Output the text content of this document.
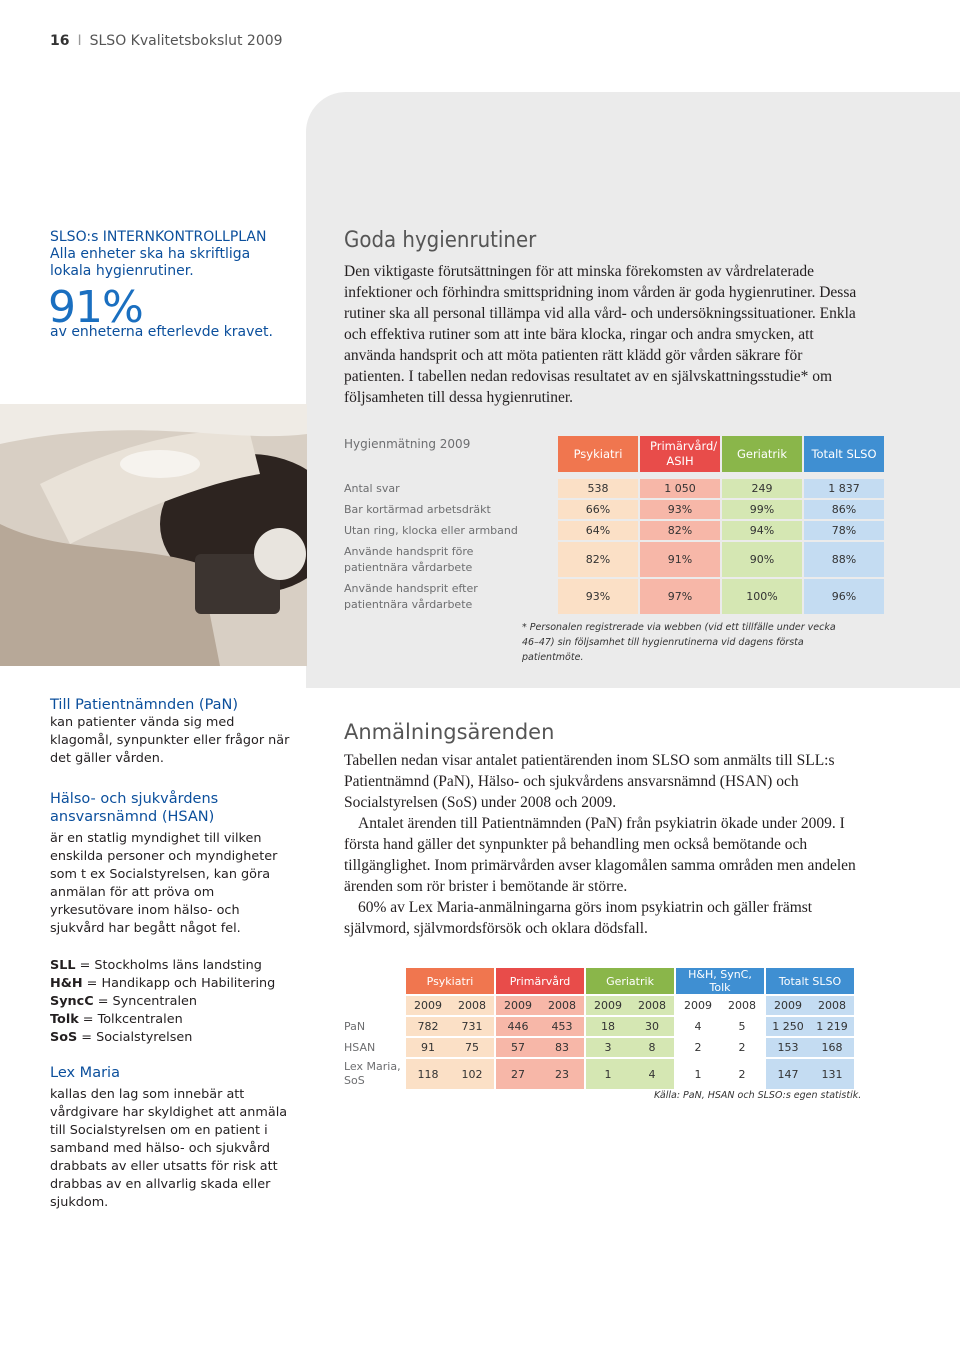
16 I SLSO Kvalitetsbokslut 2009
SLSO:s INTERNKONTROLLPLAN
Alla enheter ska ha skriftliga
lokala hygienrutiner.
91%
av enheterna efterlevde kravet.
Goda hygienrutiner
Den viktigaste förutsättningen för att minska förekomsten av vårdrelaterade infektioner och förhindra smittspridning inom vården är goda hygienrutiner. Dessa rutiner ska all personal tillämpa vid alla vård- och undersökningssituationer. Enkla och effektiva rutiner som att inte bära klocka, ringar och andra smycken, att använda handsprit och att möta patienten rätt klädd gör vården säkrare för patienten. I tabellen nedan redovisas resultatet av en självskattningsstudie* om följsamheten till dessa hygienrutiner.
Hygienmätning 2009	Psykiatri	Primärvård/ ASIH	Geriatrik	Totalt SLSO

Antal svar	538	1 050	249	1 837

Bar kortärmad arbetsdräkt	66%	93%	99%	86%

Utan ring, klocka eller armband	64%	82%	94%	78%

Använde handsprit före patientnära vårdarbete	82%	91%	90%	88%

Använde handsprit efter patientnära vårdarbete	93%	97%	100%	96%
* Personalen registrerade via webben (vid ett tillfälle under vecka 46–47) sin följsamhet till hygienrutinerna vid dagens första patientmöte.
Till Patientnämnden (PaN)
kan patienter vända sig med klagomål, synpunkter eller frågor när det gäller vården.
Hälso- och sjukvårdens ansvarsnämnd (HSAN)
är en statlig myndighet till vilken enskilda personer och myndigheter som t ex Socialstyrelsen, kan göra anmälan för att pröva om yrkesutövare inom hälso- och sjukvård har begått något fel.
SLL = Stockholms läns landsting
H&H = Handikapp och Habilitering
SyncC = Syncentralen
Tolk = Tolkcentralen
SoS = Socialstyrelsen
Lex Maria
kallas den lag som innebär att vårdgivare har skyldighet att anmäla till Socialstyrelsen om en patient i samband med hälso- och sjukvård drabbats av eller utsatts för risk att drabbas av en allvarlig skada eller sjukdom.
Anmälningsärenden

Tabellen nedan visar antalet patientärenden inom SLSO som anmälts till SLL:s Patientnämnd (PaN), Hälso- och sjukvårdens ansvarsnämnd (HSAN) och Socialstyrelsen (SoS) under 2008 och 2009.

Antalet ärenden till Patientnämnden (PaN) från psykiatrin ökade under 2009. I första hand gäller det synpunkter på behandling men också bemötande och tillgänglighet. Inom primärvården avser klagomålen samma områden men andelen ärenden som rör brister i bemötande är större.

60% av Lex Maria-anmälningarna görs inom psykiatrin och gäller främst självmord, självmordsförsök och oklara dödsfall.

	Psykiatri		Primärvård		Geriatrik		H&H, SynC, Tolk		Totalt SLSO	

	2009	2008	2009	2008	2009	2008	2009	2008	2009	2008

PaN	782	731	446	453	18	30	4	5	1 250	1 219

HSAN	91	75	57	83	3	8	2	2	153	168

Lex Maria, SoS	118	102	27	23	1	4	1	2	147	131
Källa: PaN, HSAN och SLSO:s egen statistik.
